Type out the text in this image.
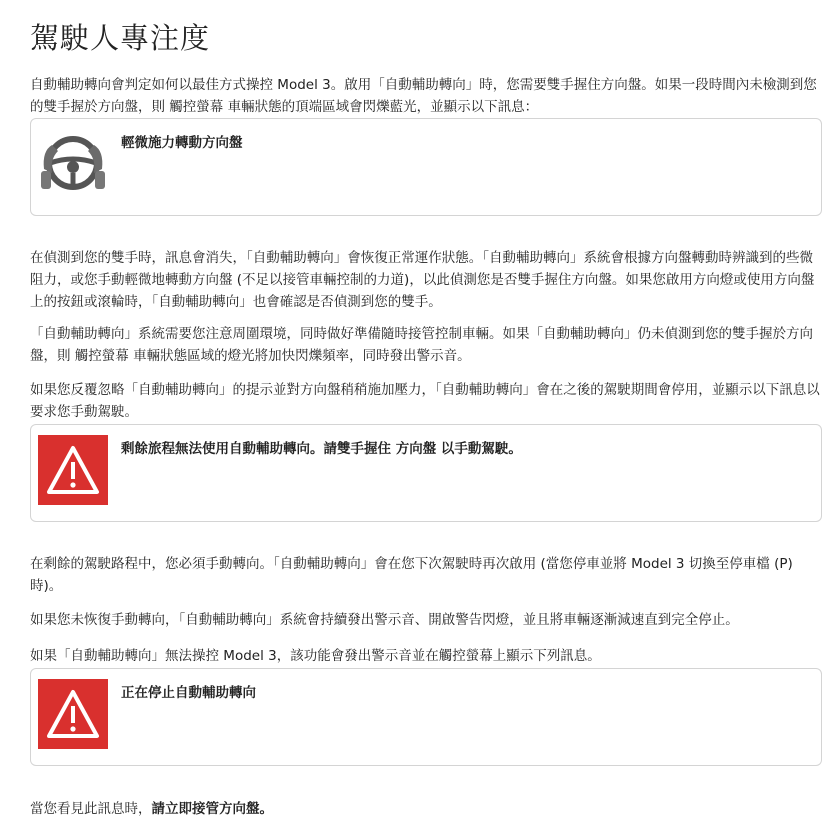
駕駛人專注度

自動輔助轉向會判定如何以最佳方式操控 Model 3。啟用「自動輔助轉向」時，您需要雙手握住方向盤。如果一段時間內未檢測到您的雙手握於方向盤，則 觸控螢幕 車輛狀態的頂端區域會閃爍藍光，並顯示以下訊息：

輕微施力轉動方向盤

在偵測到您的雙手時，訊息會消失，「自動輔助轉向」會恢復正常運作狀態。「自動輔助轉向」系統會根據方向盤轉動時辨識到的些微阻力，或您手動輕微地轉動方向盤 (不足以接管車輛控制的力道)，以此偵測您是否雙手握住方向盤。如果您啟用方向燈或使用方向盤上的按鈕或滾輪時，「自動輔助轉向」也會確認是否偵測到您的雙手。

「自動輔助轉向」系統需要您注意周圍環境，同時做好準備隨時接管控制車輛。如果「自動輔助轉向」仍未偵測到您的雙手握於方向盤，則 觸控螢幕 車輛狀態區域的燈光將加快閃爍頻率，同時發出警示音。

如果您反覆忽略「自動輔助轉向」的提示並對方向盤稍稍施加壓力，「自動輔助轉向」會在之後的駕駛期間會停用，並顯示以下訊息以要求您手動駕駛。

剩餘旅程無法使用自動輔助轉向。請雙手握住 方向盤 以手動駕駛。

在剩餘的駕駛路程中，您必須手動轉向。「自動輔助轉向」會在您下次駕駛時再次啟用 (當您停車並將 Model 3 切換至停車檔 (P) 時)。

如果您未恢復手動轉向，「自動輔助轉向」系統會持續發出警示音、開啟警告閃燈，並且將車輛逐漸減速直到完全停止。

如果「自動輔助轉向」無法操控 Model 3，該功能會發出警示音並在觸控螢幕上顯示下列訊息。

正在停止自動輔助轉向

當您看見此訊息時，請立即接管方向盤。
